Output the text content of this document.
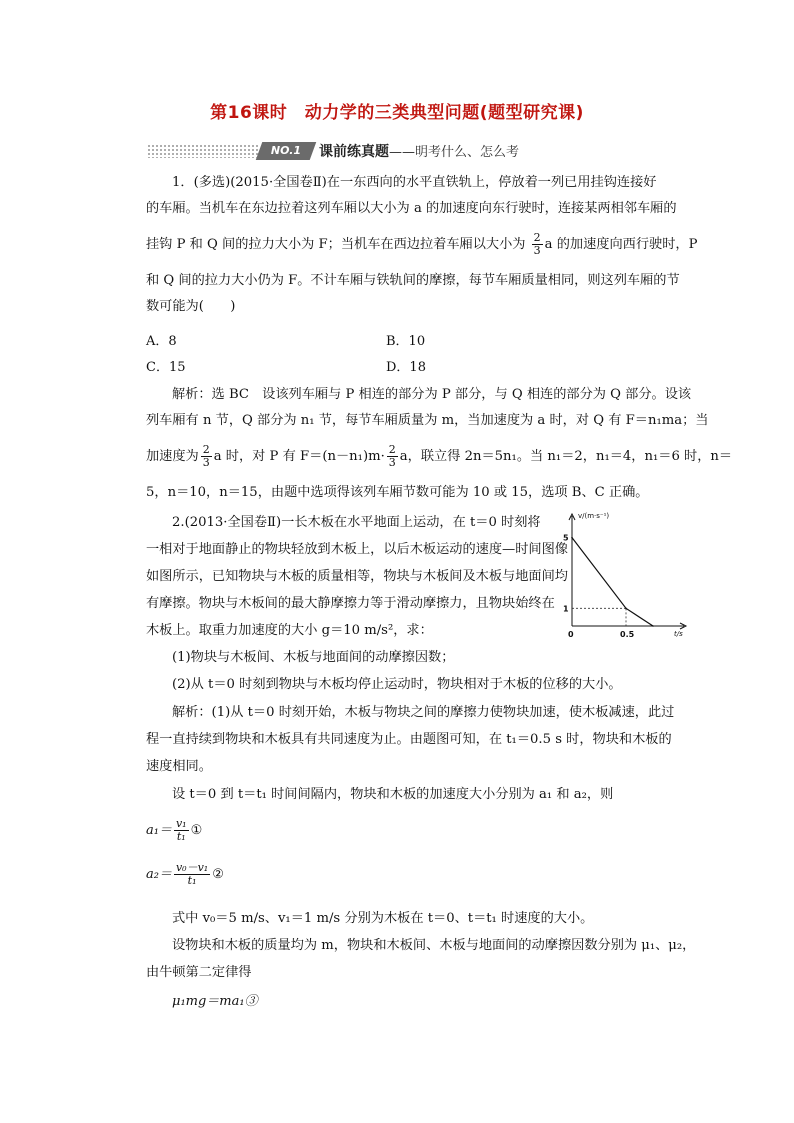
第16课时　动力学的三类典型问题(题型研究课)
NO.1	课前练真题——明考什么、怎么考
1．(多选)(2015·全国卷Ⅱ)在一东西向的水平直铁轨上，停放着一列已用挂钩连接好
的车厢。当机车在东边拉着这列车厢以大小为 a 的加速度向东行驶时，连接某两相邻车厢的
挂钩 P 和 Q 间的拉力大小为 F；当机车在西边拉着车厢以大小为 $\frac{2}{3}$ a 的加速度向西行驶时，P
和 Q 间的拉力大小仍为 F。不计车厢与铁轨间的摩擦，每节车厢质量相同，则这列车厢的节
数可能为(　　)
A．8	B．10
C．15	D．18
解析：选 BC　设该列车厢与 P 相连的部分为 P 部分，与 Q 相连的部分为 Q 部分。设该
列车厢有 n 节，Q 部分为 n₁ 节，每节车厢质量为 m，当加速度为 a 时，对 Q 有 F＝n₁ma；当
加速度为 $\frac{2}{3}$ a 时，对 P 有 $F=(n-n_1)m\cdot \frac{2}{3}$ a，联立得 2n＝5n₁。当 n₁＝2，n₁＝4，n₁＝6 时，n＝
5，n＝10，n＝15，由题中选项得该列车厢节数可能为 10 或 15，选项 B、C 正确。
2.(2013·全国卷Ⅱ)一长木板在水平地面上运动，在 t＝0 时刻将
一相对于地面静止的物块轻放到木板上，以后木板运动的速度—时间图像
如图所示，已知物块与木板的质量相等，物块与木板间及木板与地面间均
有摩擦。物块与木板间的最大静摩擦力等于滑动摩擦力，且物块始终在
木板上。取重力加速度的大小 g＝10 m/s²，求：
(1)物块与木板间、木板与地面间的动摩擦因数；
(2)从 t＝0 时刻到物块与木板均停止运动时，物块相对于木板的位移的大小。
v/(m·s⁻¹)
t/s
5
1
0	0.5
解析：(1)从 t＝0 时刻开始，木板与物块之间的摩擦力使物块加速，使木板减速，此过
程一直持续到物块和木板具有共同速度为止。由题图可知，在 t₁＝0.5 s 时，物块和木板的
速度相同。
设 t＝0 到 t＝t₁ 时间间隔内，物块和木板的加速度大小分别为 a₁ 和 a₂，则
$a_1= \frac{\text{v₁}}{\text{t₁}}$ ①
$a_2= \frac{\text{v₀－v₁}}{\text{t₁}}$ ②
式中 v₀＝5 m/s、v₁＝1 m/s 分别为木板在 t＝0、t＝t₁ 时速度的大小。
设物块和木板的质量均为 m，物块和木板间、木板与地面间的动摩擦因数分别为 μ₁、μ₂，
由牛顿第二定律得
μ₁mg＝ma₁③
